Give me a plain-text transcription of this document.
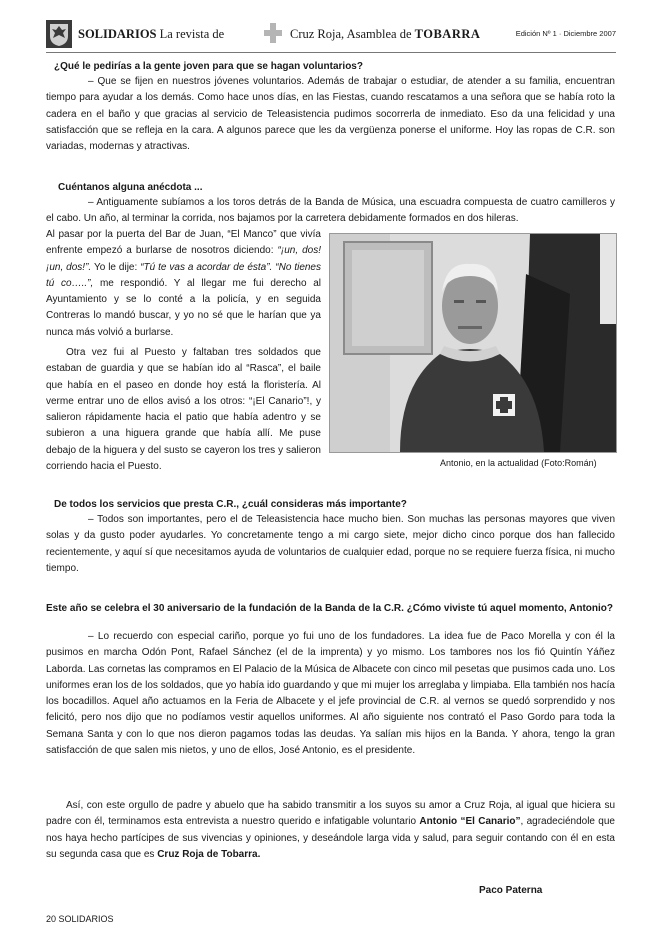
SOLIDARIOS La revista de	Cruz Roja, Asamblea de TOBARRA	Edición Nº 1 · Diciembre 2007
¿Qué le pedirías a la gente joven para que se hagan voluntarios?
– Que se fijen en nuestros jóvenes voluntarios. Además de trabajar o estudiar, de atender a su familia, encuentran tiempo para ayudar a los demás. Como hace unos días, en las Fiestas, cuando rescatamos a una señora que se había roto la cadera en el baño y que gracias al servicio de Teleasistencia pudimos socorrerla de inmediato. Eso da una felicidad y una satisfacción que se refleja en la cara. A algunos parece que les da vergüenza ponerse el uniforme. Hoy las ropas de C.R. son variadas, modernas y atractivas.
Cuéntanos alguna anécdota ...
– Antiguamente subíamos a los toros detrás de la Banda de Música, una escuadra compuesta de cuatro camilleros y el cabo. Un año, al terminar la corrida, nos bajamos por la carretera debidamente formados en dos hileras.
Al pasar por la puerta del Bar de Juan, “El Manco” que vivía enfrente empezó a burlarse de nosotros diciendo: “¡un, dos! ¡un, dos!”. Yo le dije: “Tú te vas a acordar de ésta”. “No tienes tú co…..”, me respondió. Y al llegar me fui derecho al Ayuntamiento y se lo conté a la policía, y en seguida Contreras lo mandó buscar, y yo no sé que le harían que ya nunca más volvió a burlarse.
Otra vez fui al Puesto y faltaban tres soldados que estaban de guardia y que se habían ido al “Rasca”, el baile que había en el paseo en donde hoy está la floristería. Al verme entrar uno de ellos avisó a los otros: “¡El Canario”!, y salieron rápidamente hacia el patio que había adentro y se subieron a una higuera grande que había allí. Me puse debajo de la higuera y del susto se cayeron los tres y salieron corriendo hacia el Puesto.	Antonio, en la actualidad (Foto:Román)
De todos los servicios que presta C.R., ¿cuál consideras más importante?
– Todos son importantes, pero el de Teleasistencia hace mucho bien. Son muchas las personas mayores que viven solas y da gusto poder ayudarles. Yo concretamente tengo a mi cargo siete, mejor dicho cinco porque dos han fallecido recientemente, y aquí sí que necesitamos ayuda de voluntarios de cualquier edad, porque no se requiere fuerza física, ni mucho tiempo.
Este año se celebra el 30 aniversario de la fundación de la Banda de la C.R. ¿Cómo viviste tú aquel momento, Antonio?
– Lo recuerdo con especial cariño, porque yo fui uno de los fundadores. La idea fue de Paco Morella y con él la pusimos en marcha Odón Pont, Rafael Sánchez (el de la imprenta) y yo mismo. Los tambores nos los fió Quintín Yáñez Laborda. Las cornetas las compramos en El Palacio de la Música de Albacete con cinco mil pesetas que pusimos cada uno. Los uniformes eran los de los soldados, que yo había ido guardando y que mi mujer los arreglaba y limpiaba. Ella también nos hacía los bocadillos. Aquel año actuamos en la Feria de Albacete y el jefe provincial de C.R. al vernos se quedó sorprendido y nos felicitó, pero nos dijo que no podíamos vestir aquellos uniformes. Al año siguiente nos contrató el Paso Gordo para toda la Semana Santa y con lo que nos dieron pagamos todas las deudas. Ya salían mis hijos en la Banda. Y ahora, tengo la gran satisfacción de que salen mis nietos, y uno de ellos, José Antonio, es el presidente.
Así, con este orgullo de padre y abuelo que ha sabido transmitir a los suyos su amor a Cruz Roja, al igual que hiciera su padre con él, terminamos esta entrevista a nuestro querido e infatigable voluntario Antonio “El Canario”, agradeciéndole que nos haya hecho partícipes de sus vivencias y opiniones, y deseándole larga vida y salud, para seguir contando con él en esta su segunda casa que es Cruz Roja de Tobarra.
Paco Paterna
20 SOLIDARIOS
